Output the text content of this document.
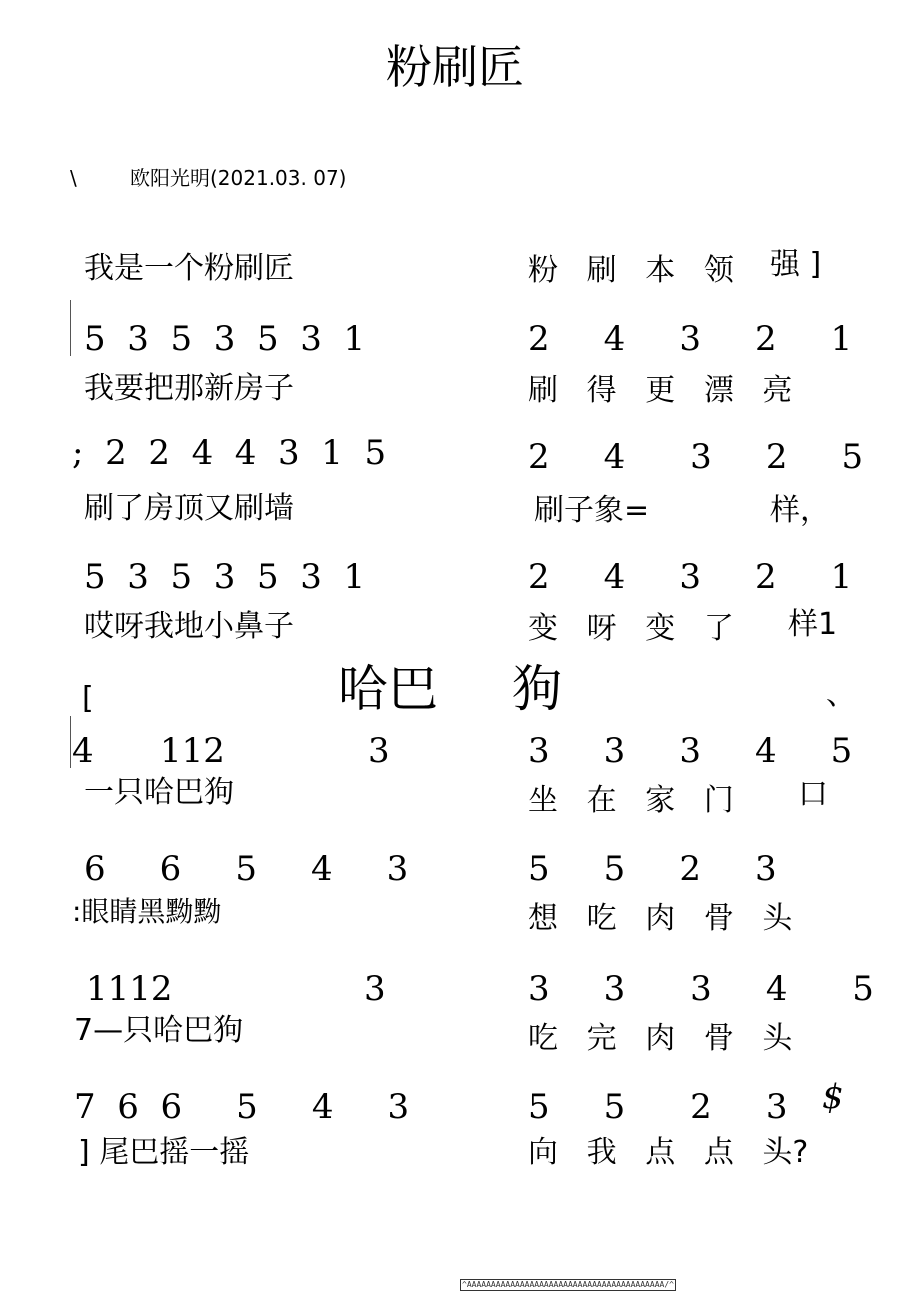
粉刷匠
\	欧阳光明(2021.03. 07)

我是一个粉刷匠
5  3  5  3  5  3  1
我要把那新房子
;  2  2  4  4  3  1  5
刷了房顶又刷墙
5  3  5  3  5  3  1
哎呀我地小鼻子
粉   刷   本   领 强 ]
2     4     3     2     1
刷   得   更   漂   亮
2     4      3     2     5
刷子象=	样，
2     4     3     2     1
变   呀   变   了 样1
[	哈巴 狗	、
4 112	3
一只哈巴狗
6     6     5     4     3
:眼睛黑黝黝
1112	3
7—只哈巴狗
7  6  6     5     4     3
] 尾巴摇一摇
3     3     3     4     5
坐   在   家   门 口
5     5     2     3
想   吃   肉   骨   头
3     3      3     4      5
吃   完   肉   骨   头
5     5      2     3 $
向   我   点   点   头?
^AAAAAAAAAAAAAAAAAAAAAAAAAAAAAAAAAAAAAAAAA/^
